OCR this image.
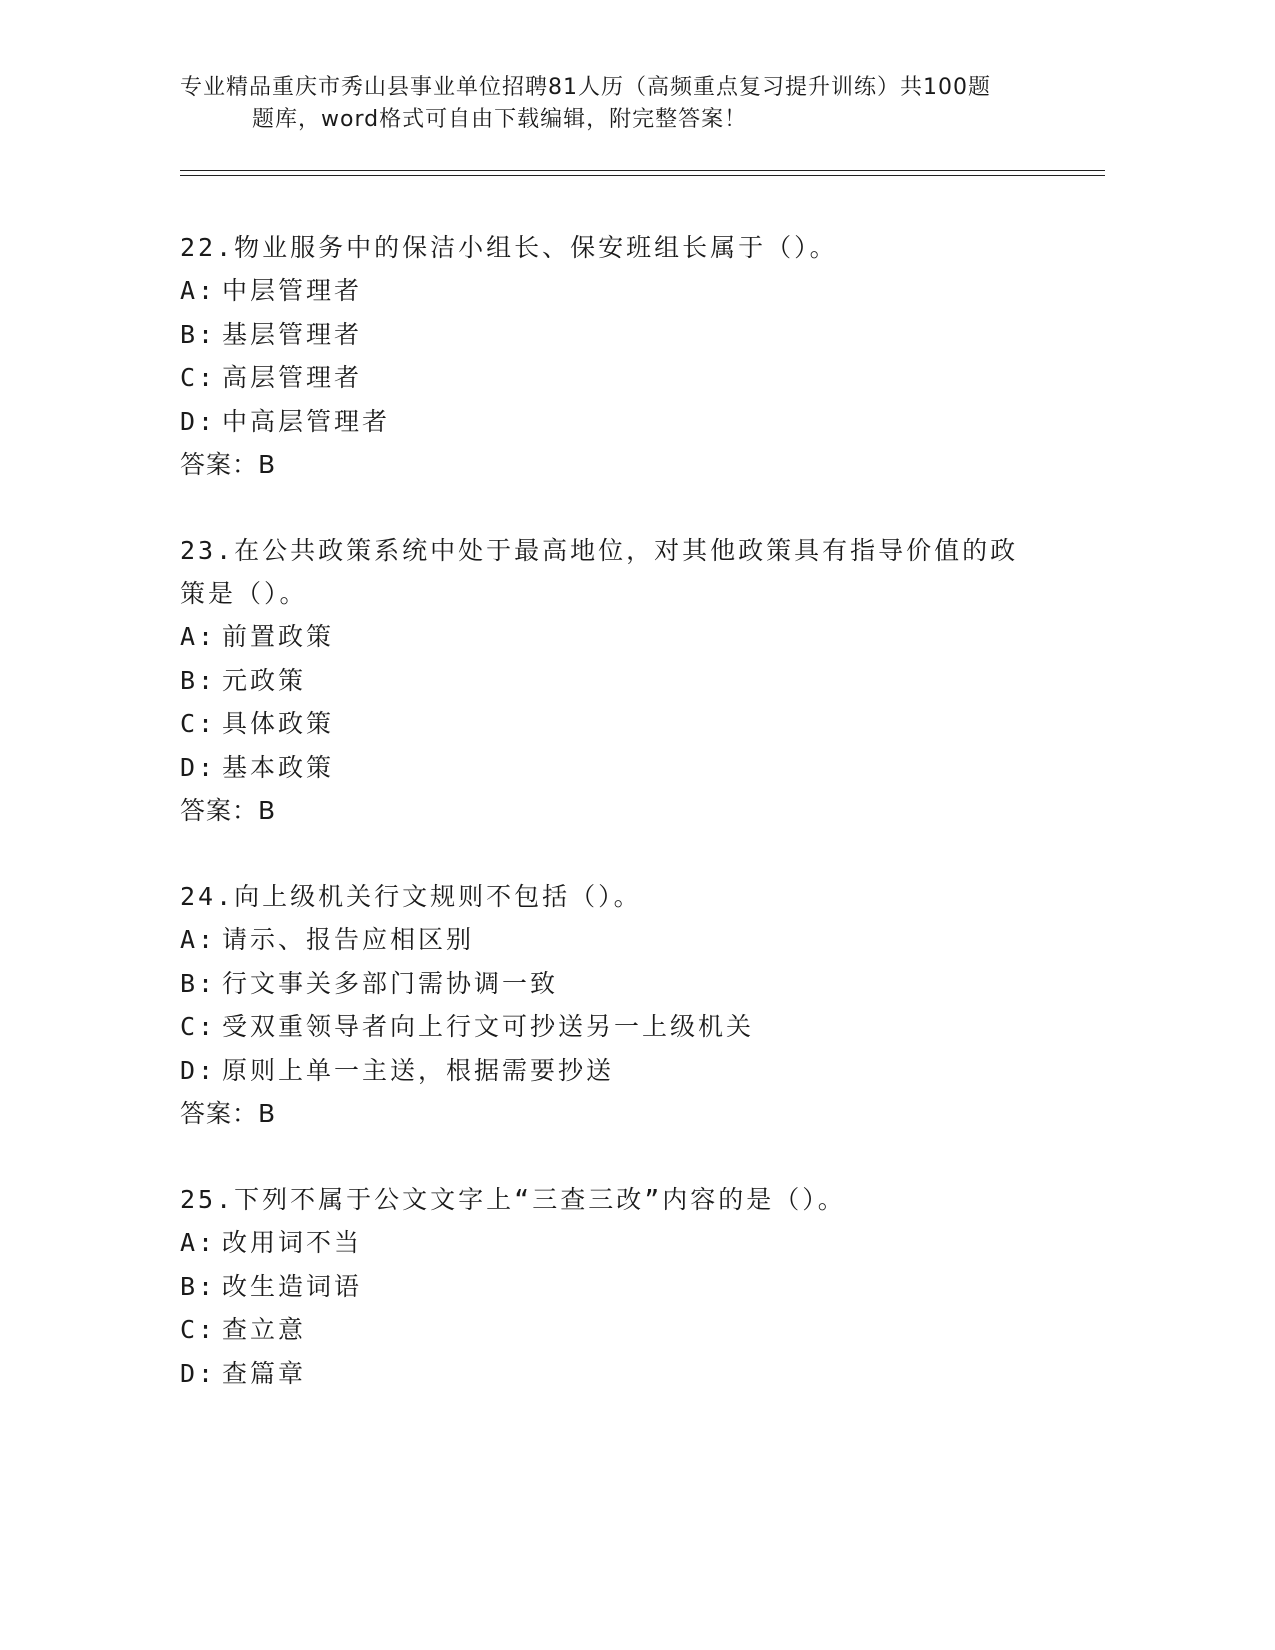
专业精品重庆市秀山县事业单位招聘81人历（高频重点复习提升训练）共100题
题库，word格式可自由下载编辑，附完整答案！
22.物业服务中的保洁小组长、保安班组长属于（）。
A: 中层管理者
B: 基层管理者
C: 高层管理者
D: 中高层管理者
答案：B
23.在公共政策系统中处于最高地位，对其他政策具有指导价值的政策是（）。
A: 前置政策
B: 元政策
C: 具体政策
D: 基本政策
答案：B
24.向上级机关行文规则不包括（）。
A: 请示、报告应相区别
B: 行文事关多部门需协调一致
C: 受双重领导者向上行文可抄送另一上级机关
D: 原则上单一主送，根据需要抄送
答案：B
25.下列不属于公文文字上“三查三改”内容的是（）。
A: 改用词不当
B: 改生造词语
C: 查立意
D: 查篇章
